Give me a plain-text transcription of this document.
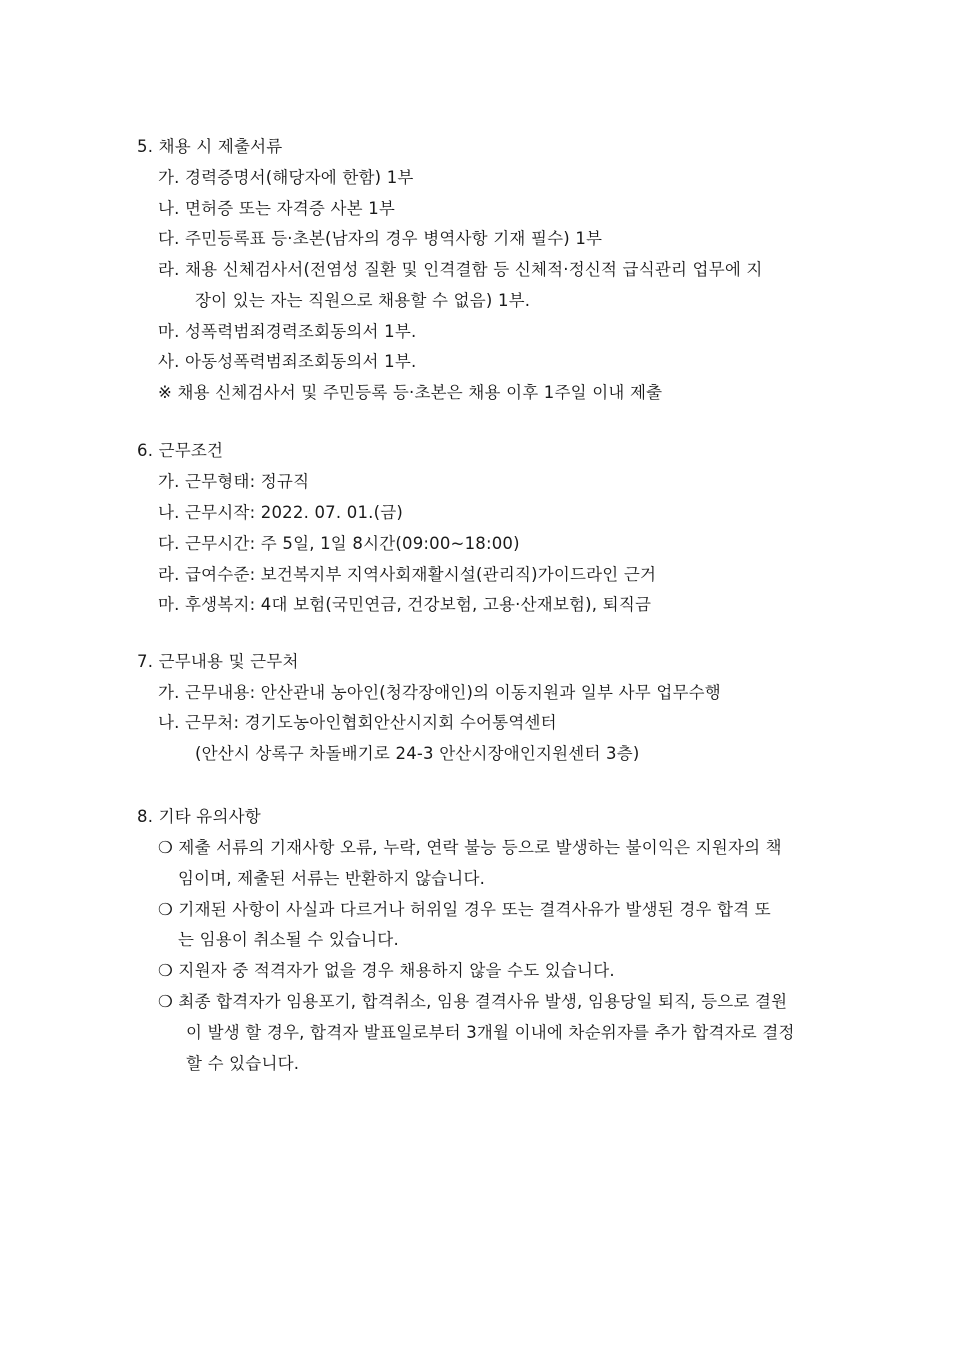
5. 채용 시 제출서류
가. 경력증명서(해당자에 한함) 1부
나. 면허증 또는 자격증 사본 1부
다. 주민등록표 등·초본(남자의 경우 병역사항 기재 필수) 1부
라. 채용 신체검사서(전염성 질환 및 인격결함 등 신체적·정신적 급식관리 업무에 지
장이 있는 자는 직원으로 채용할 수 없음) 1부.
마. 성폭력범죄경력조회동의서 1부.
사. 아동성폭력범죄조회동의서 1부.
※ 채용 신체검사서 및 주민등록 등·초본은 채용 이후 1주일 이내 제출
6. 근무조건
가. 근무형태: 정규직
나. 근무시작: 2022. 07. 01.(금)
다. 근무시간: 주 5일, 1일 8시간(09:00~18:00)
라. 급여수준: 보건복지부 지역사회재활시설(관리직)가이드라인 근거
마. 후생복지: 4대 보험(국민연금, 건강보험, 고용·산재보험), 퇴직금
7. 근무내용 및 근무처
가. 근무내용: 안산관내 농아인(청각장애인)의 이동지원과 일부 사무 업무수행
나. 근무처: 경기도농아인협회안산시지회 수어통역센터
(안산시 상록구 차돌배기로 24-3 안산시장애인지원센터 3층)
8. 기타 유의사항
❍ 제출 서류의 기재사항 오류, 누락, 연락 불능 등으로 발생하는 불이익은 지원자의 책
임이며, 제출된 서류는 반환하지 않습니다.
❍ 기재된 사항이 사실과 다르거나 허위일 경우 또는 결격사유가 발생된 경우 합격 또
는 임용이 취소될 수 있습니다.
❍ 지원자 중 적격자가 없을 경우 채용하지 않을 수도 있습니다.
❍ 최종 합격자가 임용포기, 합격취소, 임용 결격사유 발생, 임용당일 퇴직, 등으로 결원
이 발생 할 경우, 합격자 발표일로부터 3개월 이내에 차순위자를 추가 합격자로 결정
할 수 있습니다.
